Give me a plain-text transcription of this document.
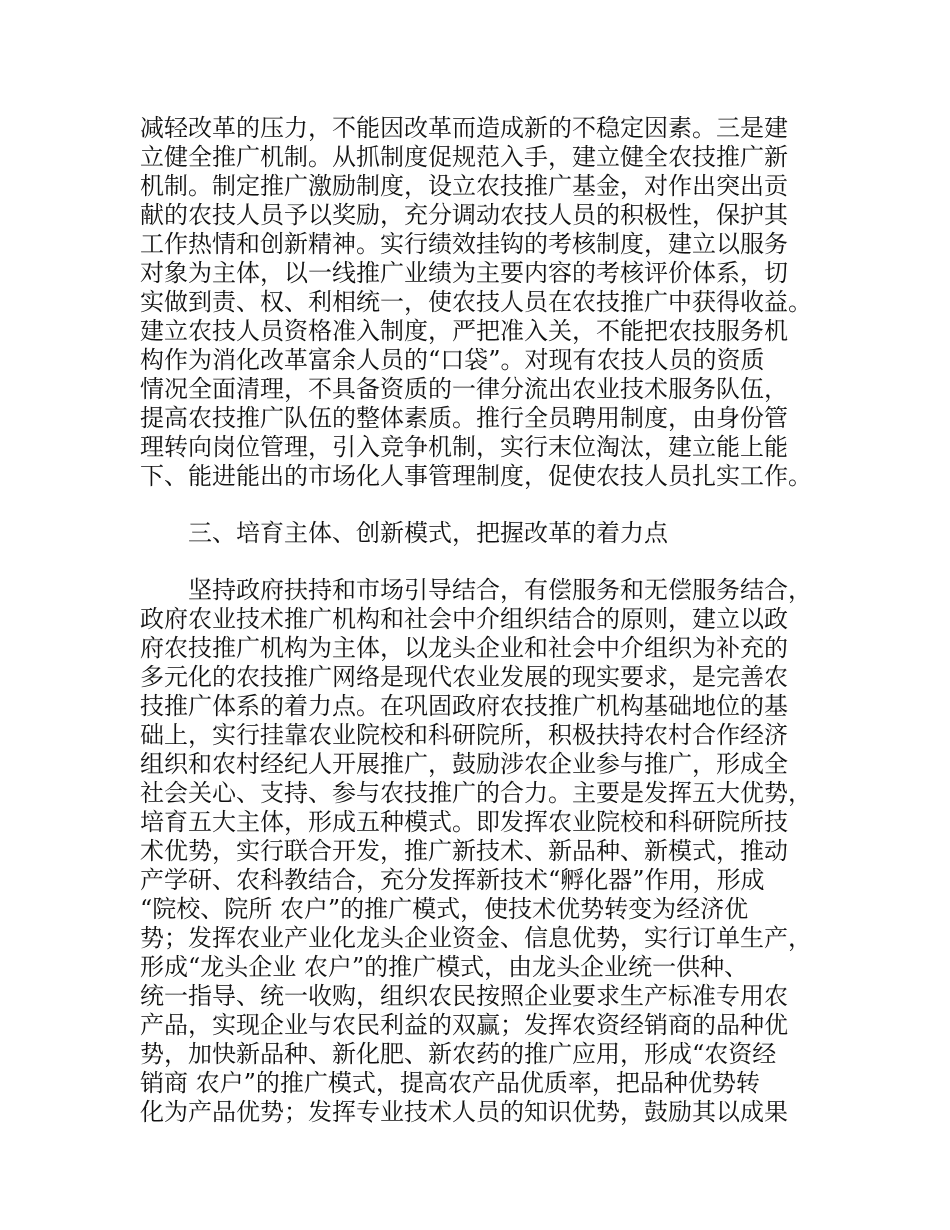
减轻改革的压力，不能因改革而造成新的不稳定因素。三是建

立健全推广机制。从抓制度促规范入手，建立健全农技推广新

机制。制定推广激励制度，设立农技推广基金，对作出突出贡

献的农技人员予以奖励，充分调动农技人员的积极性，保护其

工作热情和创新精神。实行绩效挂钩的考核制度，建立以服务

对象为主体，以一线推广业绩为主要内容的考核评价体系，切

实做到责、权、利相统一，使农技人员在农技推广中获得收益。

建立农技人员资格准入制度，严把准入关，不能把农技服务机

构作为消化改革富余人员的“口袋”。对现有农技人员的资质

情况全面清理，不具备资质的一律分流出农业技术服务队伍，

提高农技推广队伍的整体素质。推行全员聘用制度，由身份管

理转向岗位管理，引入竞争机制，实行末位淘汰，建立能上能

下、能进能出的市场化人事管理制度，促使农技人员扎实工作。

三、培育主体、创新模式，把握改革的着力点

坚持政府扶持和市场引导结合，有偿服务和无偿服务结合，

政府农业技术推广机构和社会中介组织结合的原则，建立以政

府农技推广机构为主体，以龙头企业和社会中介组织为补充的

多元化的农技推广网络是现代农业发展的现实要求，是完善农

技推广体系的着力点。在巩固政府农技推广机构基础地位的基

础上，实行挂靠农业院校和科研院所，积极扶持农村合作经济

组织和农村经纪人开展推广，鼓励涉农企业参与推广，形成全

社会关心、支持、参与农技推广的合力。主要是发挥五大优势，

培育五大主体，形成五种模式。即发挥农业院校和科研院所技

术优势，实行联合开发，推广新技术、新品种、新模式，推动

产学研、农科教结合，充分发挥新技术“孵化器”作用，形成

“院校、院所 农户”的推广模式，使技术优势转变为经济优

势；发挥农业产业化龙头企业资金、信息优势，实行订单生产，

形成“龙头企业 农户”的推广模式，由龙头企业统一供种、

统一指导、统一收购，组织农民按照企业要求生产标准专用农

产品，实现企业与农民利益的双赢；发挥农资经销商的品种优

势，加快新品种、新化肥、新农药的推广应用，形成“农资经

销商 农户”的推广模式，提高农产品优质率，把品种优势转

化为产品优势；发挥专业技术人员的知识优势，鼓励其以成果
